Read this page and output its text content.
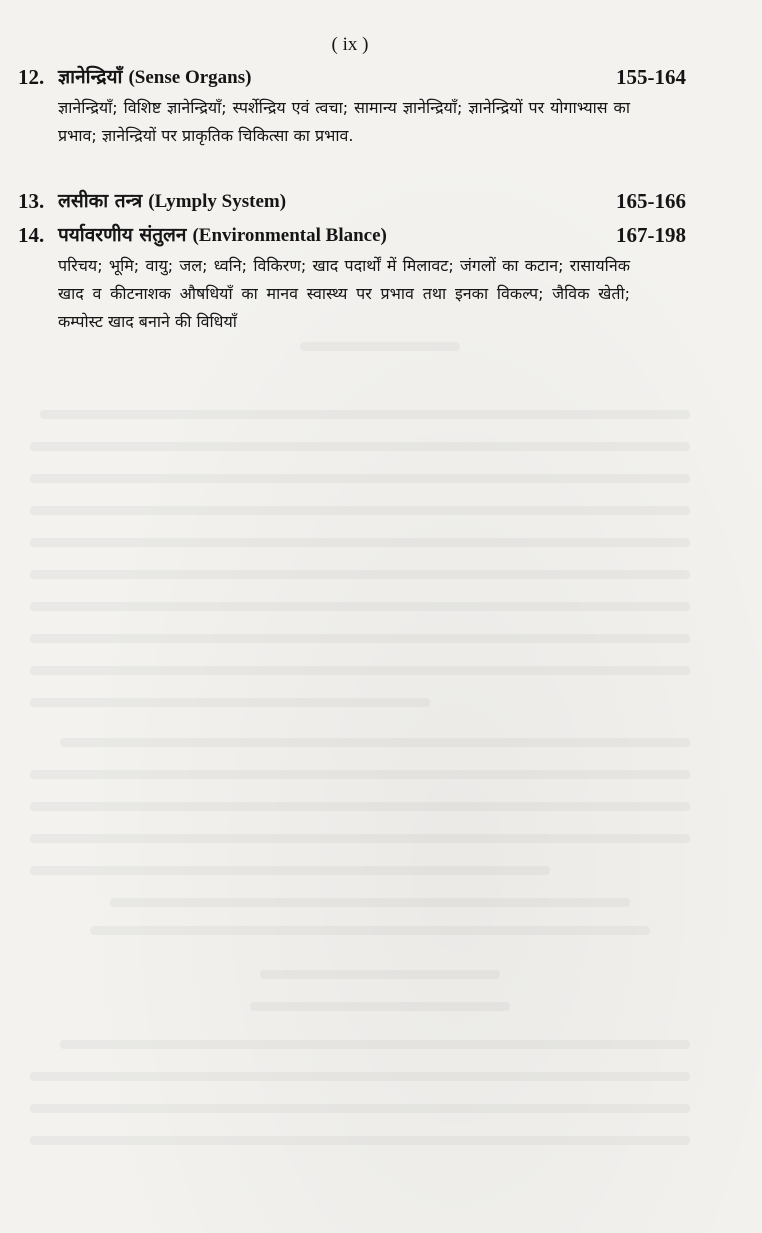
( ix )
12. ज्ञानेन्द्रियाँ (Sense Organs)	155-164
ज्ञानेन्द्रियाँ; विशिष्ट ज्ञानेन्द्रियाँ; स्पर्शेन्द्रिय एवं त्वचा; सामान्य ज्ञानेन्द्रियाँ; ज्ञानेन्द्रियों पर योगाभ्यास का प्रभाव; ज्ञानेन्द्रियों पर प्राकृतिक चिकित्सा का प्रभाव.
13. लसीका तन्त्र (Lymply System)	165-166
14. पर्यावरणीय संतुलन (Environmental Blance)	167-198
परिचय; भूमि; वायु; जल; ध्वनि; विकिरण; खाद पदार्थों में मिलावट; जंगलों का कटान; रासायनिक खाद व कीटनाशक औषधियाँ का मानव स्वास्थ्य पर प्रभाव तथा इनका विकल्प; जैविक खेती; कम्पोस्ट खाद बनाने की विधियाँ
